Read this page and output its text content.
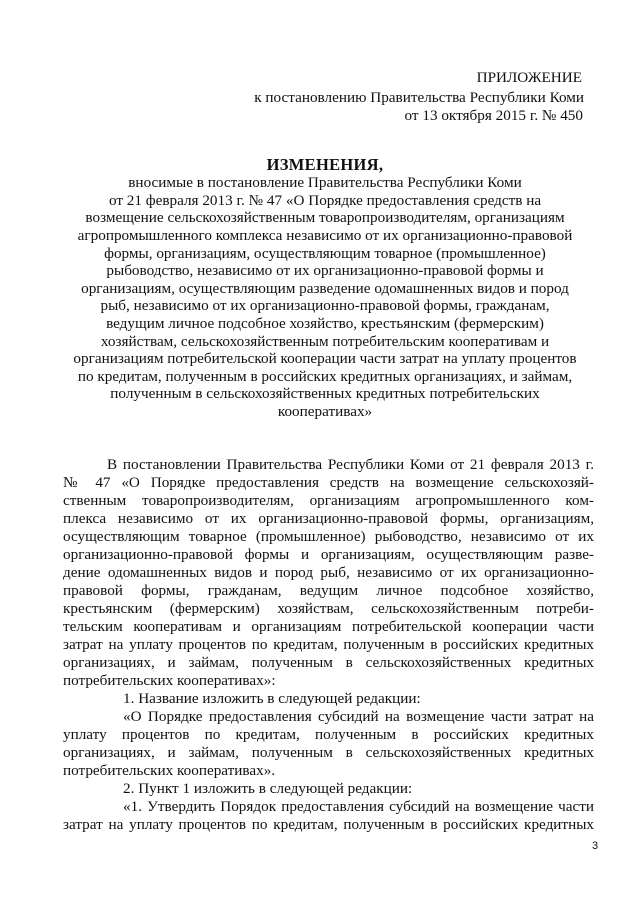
ПРИЛОЖЕНИЕ
к постановлению Правительства Республики Коми
от 13 октября 2015 г. № 450
ИЗМЕНЕНИЯ,
вносимые в постановление Правительства Республики Коми
от 21 февраля 2013 г. № 47 «О Порядке предоставления средств на
возмещение сельскохозяйственным товаропроизводителям, организациям
агропромышленного комплекса независимо от их организационно-правовой
формы, организациям, осуществляющим товарное (промышленное)
рыбоводство, независимо от их организационно-правовой формы и
организациям, осуществляющим разведение одомашненных видов и пород
рыб, независимо от их организационно-правовой формы, гражданам,
ведущим личное подсобное хозяйство, крестьянским (фермерским)
хозяйствам, сельскохозяйственным потребительским кооперативам и
организациям потребительской кооперации части затрат на уплату процентов
по кредитам, полученным в российских кредитных организациях, и займам,
полученным в сельскохозяйственных кредитных потребительских
кооперативах»
В постановлении Правительства Республики Коми от 21 февраля 2013 г.
№ 47 «О Порядке предоставления средств на возмещение сельскохозяй-
ственным товаропроизводителям, организациям агропромышленного ком-
плекса независимо от их организационно-правовой формы, организациям,
осуществляющим товарное (промышленное) рыбоводство, независимо от их
организационно-правовой формы и организациям, осуществляющим разве-
дение одомашненных видов и пород рыб, независимо от их организационно-
правовой формы, гражданам, ведущим личное подсобное хозяйство,
крестьянским (фермерским) хозяйствам, сельскохозяйственным потреби-
тельским кооперативам и организациям потребительской кооперации части
затрат на уплату процентов по кредитам, полученным в российских кредитных
организациях, и займам, полученным в сельскохозяйственных кредитных
потребительских кооперативах»:
1. Название изложить в следующей редакции:
«О Порядке предоставления субсидий на возмещение части затрат на
уплату процентов по кредитам, полученным в российских кредитных
организациях, и займам, полученным в сельскохозяйственных кредитных
потребительских кооперативах».
2. Пункт 1 изложить в следующей редакции:
«1. Утвердить Порядок предоставления субсидий на возмещение части
затрат на уплату процентов по кредитам, полученным в российских кредитных
3
